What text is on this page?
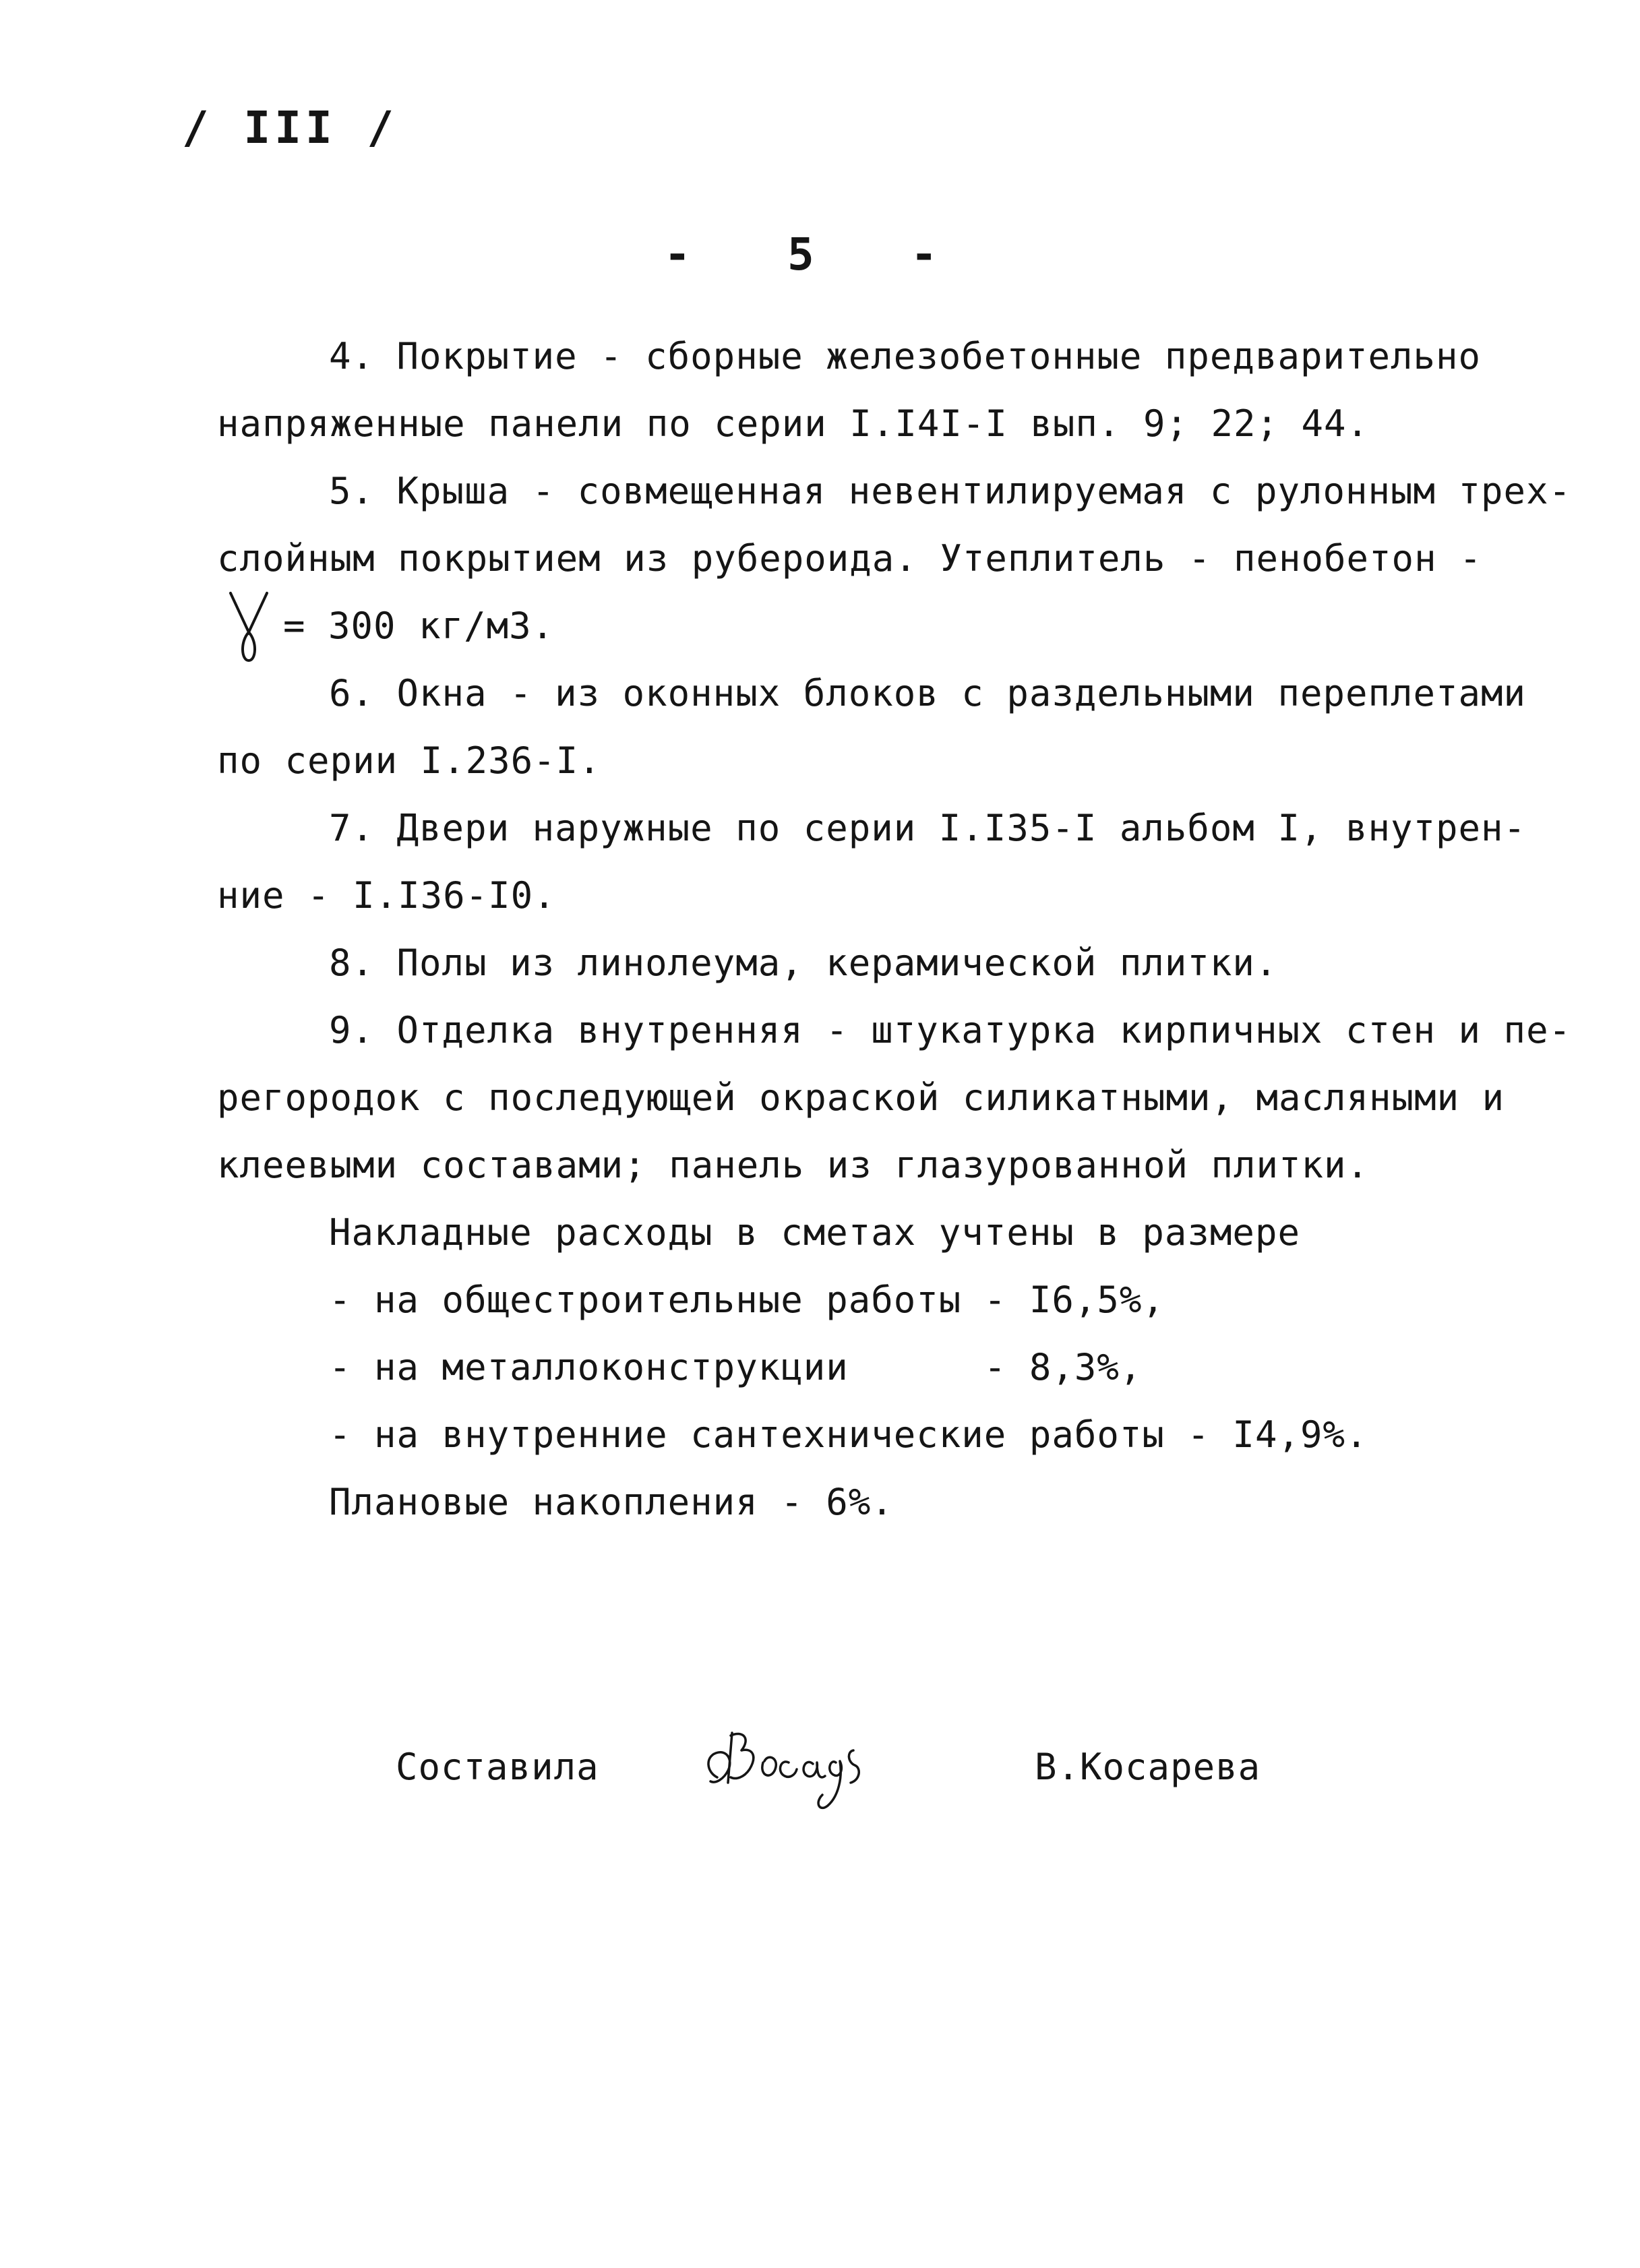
/ III /
-   5   -
4. Покрытие - сборные железобетонные предварительно
напряженные панели по серии I.I4I-I вып. 9; 22; 44.
5. Крыша - совмещенная невентилируемая с рулонным трех-
слойным покрытием из рубероида. Утеплитель - пенобетон -
= 300 кг/м3.
6. Окна - из оконных блоков с раздельными переплетами
по серии I.236-I.
7. Двери наружные по серии I.I35-I альбом I, внутрен-
ние - I.I36-I0.
8. Полы из линолеума, керамической плитки.
9. Отделка внутренняя - штукатурка кирпичных стен и пе-
регородок с последующей окраской силикатными, масляными и
клеевыми составами; панель из глазурованной плитки.
Накладные расходы в сметах учтены в размере
- на общестроительные работы - I6,5%,
- на металлоконструкции      - 8,3%,
- на внутренние сантехнические работы - I4,9%.
Плановые накопления - 6%.
Составила	В.Косарева
